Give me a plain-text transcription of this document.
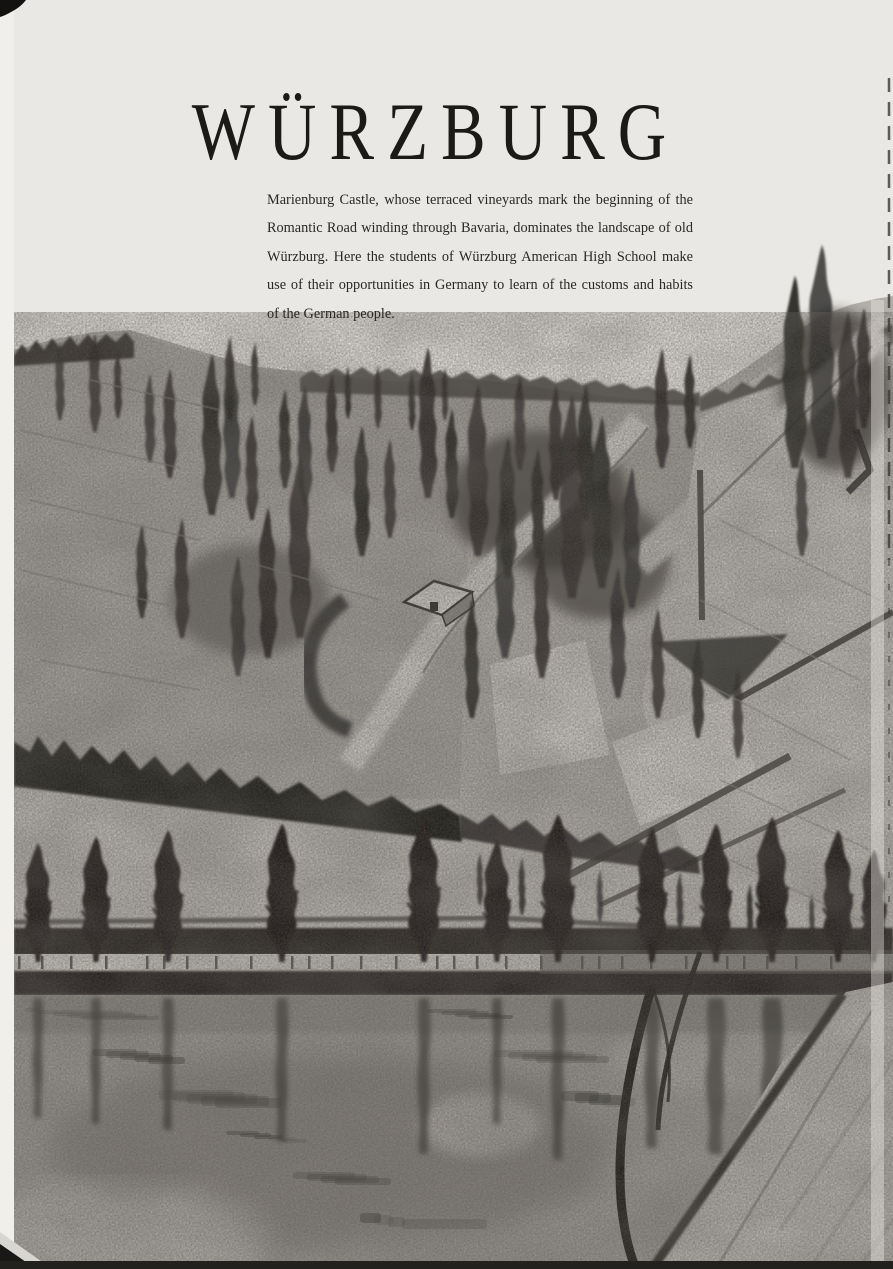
WÜRZBURG
Marienburg Castle, whose terraced vineyards mark the beginning of the
Romantic Road winding through Bavaria, dominates the landscape of old
Würzburg. Here the students of Würzburg American High School make
use of their opportunities in Germany to learn of the customs and habits
of the German people.
